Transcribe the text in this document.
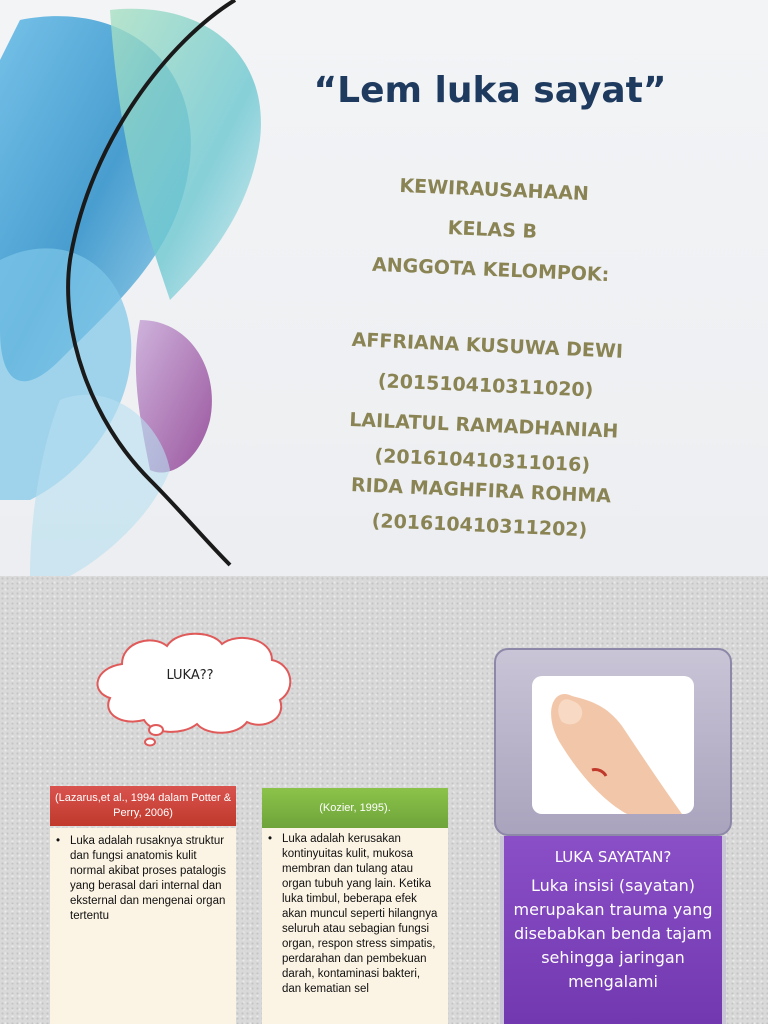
“Lem luka sayat”
KEWIRAUSAHAAN
KELAS B
ANGGOTA KELOMPOK:
AFFRIANA KUSUWA DEWI
(201510410311020)
LAILATUL RAMADHANIAH
(201610410311016)
RIDA MAGHFIRA ROHMA
(201610410311202)
LUKA??
(Lazarus,et al., 1994 dalam Potter & Perry, 2006)
• Luka adalah rusaknya struktur dan fungsi anatomis kulit normal akibat proses patalogis yang berasal dari internal dan eksternal dan mengenai organ tertentu
(Kozier, 1995).
• Luka adalah kerusakan kontinyuitas kulit, mukosa membran dan tulang atau organ tubuh yang lain. Ketika luka timbul, beberapa efek akan muncul seperti hilangnya seluruh atau sebagian fungsi organ, respon stress simpatis, perdarahan dan pembekuan darah, kontaminasi bakteri, dan kematian sel
LUKA SAYATAN?
Luka insisi (sayatan) merupakan trauma yang disebabkan benda tajam sehingga jaringan mengalami
